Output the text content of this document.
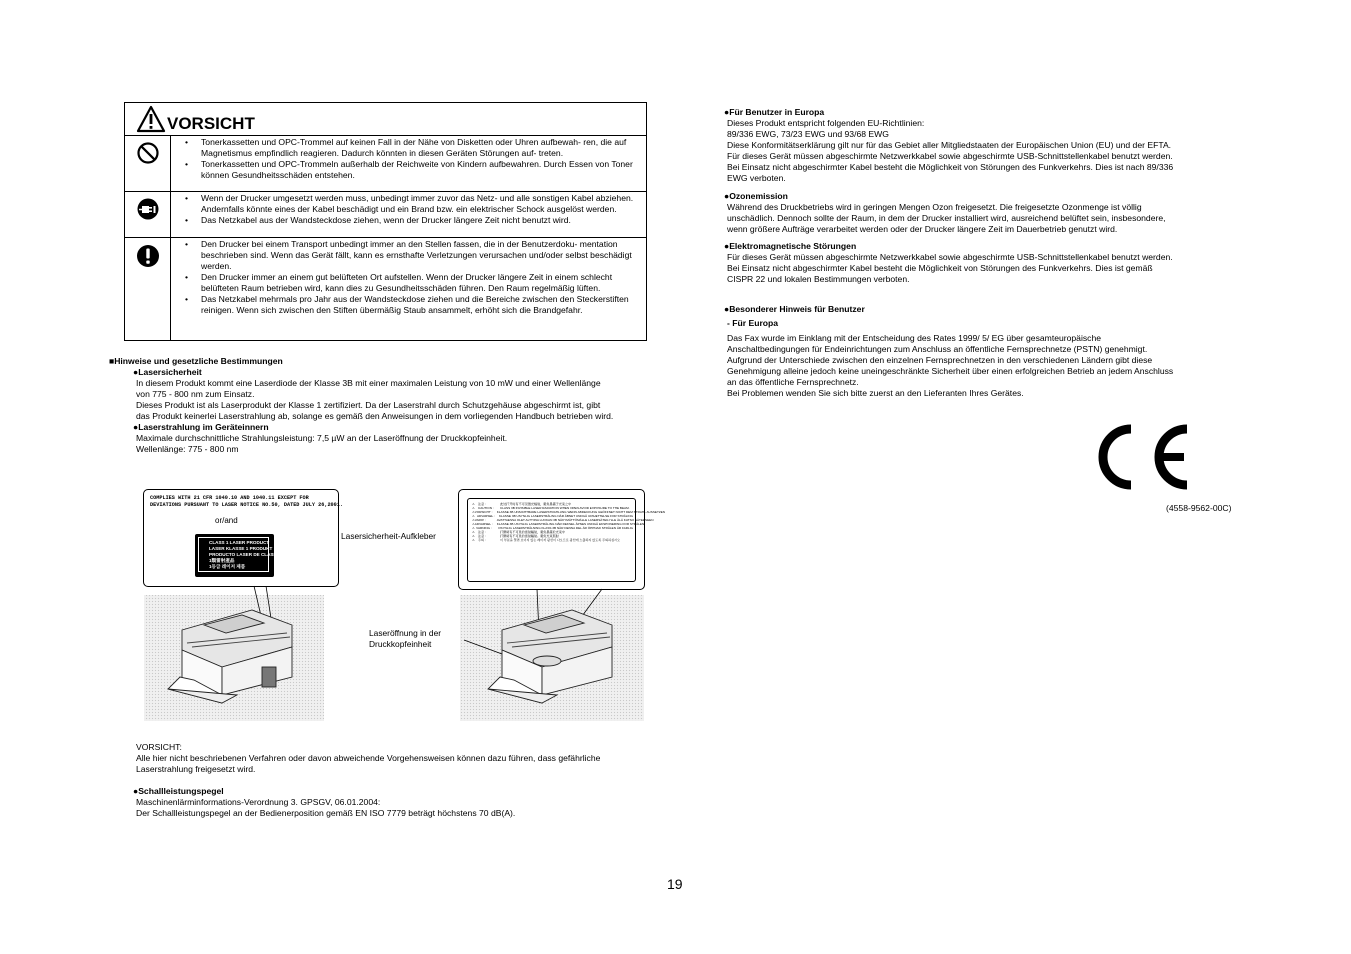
VORSICHT
• Tonerkassetten und OPC-Trommel auf keinen Fall in der Nähe von Disketten oder Uhren aufbewah- ren, die auf Magnetismus empfindlich reagieren. Dadurch könnten in diesen Geräten Störungen auf- treten.
• Tonerkassetten und OPC-Trommeln außerhalb der Reichweite von Kindern aufbewahren. Durch Essen von Toner können Gesundheitsschäden entstehen.
• Wenn der Drucker umgesetzt werden muss, unbedingt immer zuvor das Netz- und alle sonstigen Kabel abziehen. Andernfalls könnte eines der Kabel beschädigt und ein Brand bzw. ein elektrischer Schock ausgelöst werden.
• Das Netzkabel aus der Wandsteckdose ziehen, wenn der Drucker längere Zeit nicht benutzt wird.
• Den Drucker bei einem Transport unbedingt immer an den Stellen fassen, die in der Benutzerdoku- mentation beschrieben sind. Wenn das Gerät fällt, kann es ernsthafte Verletzungen verursachen und/oder selbst beschädigt werden.
• Den Drucker immer an einem gut belüfteten Ort aufstellen. Wenn der Drucker längere Zeit in einem schlecht belüfteten Raum betrieben wird, kann dies zu Gesundheitsschäden führen. Den Raum regelmäßig lüften.
• Das Netzkabel mehrmals pro Jahr aus der Wandsteckdose ziehen und die Bereiche zwischen den Steckerstiften reinigen. Wenn sich zwischen den Stiften übermäßig Staub ansammelt, erhöht sich die Brandgefahr.
■Hinweise und gesetzliche Bestimmungen
●Lasersicherheit

In diesem Produkt kommt eine Laserdiode der Klasse 3B mit einer maximalen Leistung von 10 mW und einer Wellenlänge

von 775 - 800 nm zum Einsatz.

Dieses Produkt ist als Laserprodukt der Klasse 1 zertifiziert. Da der Laserstrahl durch Schutzgehäuse abgeschirmt ist, gibt

das Produkt keinerlei Laserstrahlung ab, solange es gemäß den Anweisungen in dem vorliegenden Handbuch betrieben wird.

●Laserstrahlung im Geräteinnern

Maximale durchschnittliche Strahlungsleistung: 7,5 µW an der Laseröffnung der Druckkopfeinheit.

Wellenlänge: 775 - 800 nm

COMPLIES WITH 21 CFR 1040.10 AND 1040.11 EXCEPT FOR

DEVIATIONS PURSUANT TO LASER NOTICE NO.50, DATED JULY 26,2001.

or/and

CLASS 1 LASER PRODUCT

LASER KLASSE 1 PRODUKT

PRODUCTO LASER DE CLASE 1

1類雷射產品

1등급 레이저 제품

Lasersicherheit-Aufkleber
⚠	注意 :	此处打开时有不可见激光辐射，避免暴露于光束之中
⚠	CAUTION :	CLASS 3B INVISIBLE LASER RADIATION WHEN OPEN AVOID EXPOSURE TO THE BEAM.
⚠ VORSICHT :	KLASSE 3B UNSICHTBARE LASERSTRAHLUNG WENN ABDECKUNG GEÖFFNET NICHT DEM STRAHL AUSSETZEN
⚠ ADVARSEL :	KLASSE 3B USYNLIG LASERSTRÅLING NÅR ÅBNET UNDGÅ UDSÆTTELSE FOR STRÅLING
⚠ VARO! :	AVATTAESSA OLET ALTTIINA LUOKAN 3B NÄKYMÄTTÖMÄLLE LASERSÄTEILYLLE ÄLÄ KATSO SÄTEESEEN
⚠ ADVARSEL :	KLASSE 3B USYNLIG LASERSTRÅLING NÅR DEKSEL ÅPNES UNNGÅ EKSPONERING FOR STRÅLEN
⚠ VARNING :	OSYNLIG LASERSTRÅLNING KLASS 3B NÄR DENNA DEL ÄR ÖPPNAD STRÅLEN ÄR FARLIG
⚠	注意 :	打開時有不可見的雷射輻射，避免暴露於光束中
⚠	注意 :	打開時有不可見的雷射輻射。避免光束照射
⚠	주의 :	이 부분을 열면 보이지 않는 레이저 광선이 나오므로 광선에 노출되지 않도록 주의하십시오

Laseröffnung in der

Druckkopfeinheit

VORSICHT:

Alle hier nicht beschriebenen Verfahren oder davon abweichende Vorgehensweisen können dazu führen, dass gefährliche

Laserstrahlung freigesetzt wird.

●Schallleistungspegel

Maschinenlärminformations-Verordnung 3. GPSGV, 06.01.2004:

Der Schallleistungspegel an der Bedienerposition gemäß EN ISO 7779 beträgt höchstens 70 dB(A).

●Für Benutzer in Europa

Dieses Produkt entspricht folgenden EU-Richtlinien:

89/336 EWG, 73/23 EWG und 93/68 EWG

Diese Konformitätserklärung gilt nur für das Gebiet aller Mitgliedstaaten der Europäischen Union (EU) und der EFTA.

Für dieses Gerät müssen abgeschirmte Netzwerkkabel sowie abgeschirmte USB-Schnittstellenkabel benutzt werden.

Bei Einsatz nicht abgeschirmter Kabel besteht die Möglichkeit von Störungen des Funkverkehrs. Dies ist nach 89/336

EWG verboten.

●Ozonemission

Während des Druckbetriebs wird in geringen Mengen Ozon freigesetzt. Die freigesetzte Ozonmenge ist völlig

unschädlich. Dennoch sollte der Raum, in dem der Drucker installiert wird, ausreichend belüftet sein, insbesondere,

wenn größere Aufträge verarbeitet werden oder der Drucker längere Zeit im Dauerbetrieb genutzt wird.

●Elektromagnetische Störungen

Für dieses Gerät müssen abgeschirmte Netzwerkkabel sowie abgeschirmte USB-Schnittstellenkabel benutzt werden.

Bei Einsatz nicht abgeschirmter Kabel besteht die Möglichkeit von Störungen des Funkverkehrs. Dies ist gemäß

CISPR 22 und lokalen Bestimmungen verboten.

●Besonderer Hinweis für Benutzer
- Für Europa

Das Fax wurde im Einklang mit der Entscheidung des Rates 1999/ 5/ EG über gesamteuropäische

Anschaltbedingungen für Endeinrichtungen zum Anschluss an öffentliche Fernsprechnetze (PSTN) genehmigt.

Aufgrund der Unterschiede zwischen den einzelnen Fernsprechnetzen in den verschiedenen Ländern gibt diese

Genehmigung alleine jedoch keine uneingeschränkte Sicherheit über einen erfolgreichen Betrieb an jedem Anschluss

an das öffentliche Fernsprechnetz.

Bei Problemen wenden Sie sich bitte zuerst an den Lieferanten Ihres Gerätes.

(4558-9562-00C)
19
